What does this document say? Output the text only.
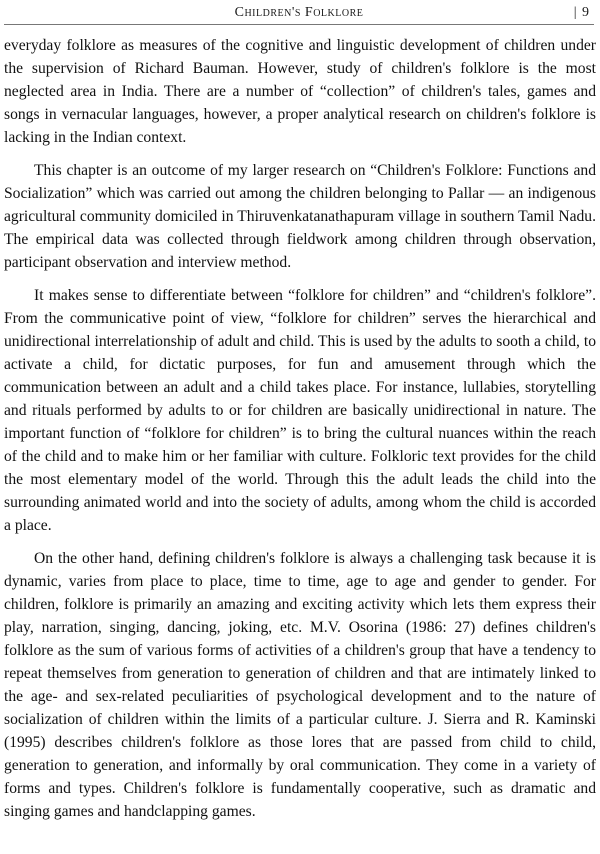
Children's Folklore	| 9

everyday folklore as measures of the cognitive and linguistic development of children under the supervision of Richard Bauman. However, study of children's folklore is the most neglected area in India. There are a number of “collection” of children's tales, games and songs in vernacular languages, however, a proper analytical research on children's folklore is lacking in the Indian context.

This chapter is an outcome of my larger research on “Children's Folklore: Functions and Socialization” which was carried out among the children belonging to Pallar — an indigenous agricultural community domiciled in Thiruvenkatanathapuram village in southern Tamil Nadu. The empirical data was collected through fieldwork among children through observation, participant observation and interview method.

It makes sense to differentiate between “folklore for children” and “children's folklore”. From the communicative point of view, “folklore for children” serves the hierarchical and unidirectional interrelationship of adult and child. This is used by the adults to sooth a child, to activate a child, for dictatic purposes, for fun and amusement through which the communication between an adult and a child takes place. For instance, lullabies, storytelling and rituals performed by adults to or for children are basically unidirectional in nature. The important function of “folklore for children” is to bring the cultural nuances within the reach of the child and to make him or her familiar with culture. Folkloric text provides for the child the most elementary model of the world. Through this the adult leads the child into the surrounding animated world and into the society of adults, among whom the child is accorded a place.

On the other hand, defining children's folklore is always a challenging task because it is dynamic, varies from place to place, time to time, age to age and gender to gender. For children, folklore is primarily an amazing and exciting activity which lets them express their play, narration, singing, dancing, joking, etc. M.V. Osorina (1986: 27) defines children's folklore as the sum of various forms of activities of a children's group that have a tendency to repeat themselves from generation to generation of children and that are intimately linked to the age- and sex-related peculiarities of psychological development and to the nature of socialization of children within the limits of a particular culture. J. Sierra and R. Kaminski (1995) describes children's folklore as those lores that are passed from child to child, generation to generation, and informally by oral communication. They come in a variety of forms and types. Children's folklore is fundamentally cooperative, such as dramatic and singing games and handclapping games.
